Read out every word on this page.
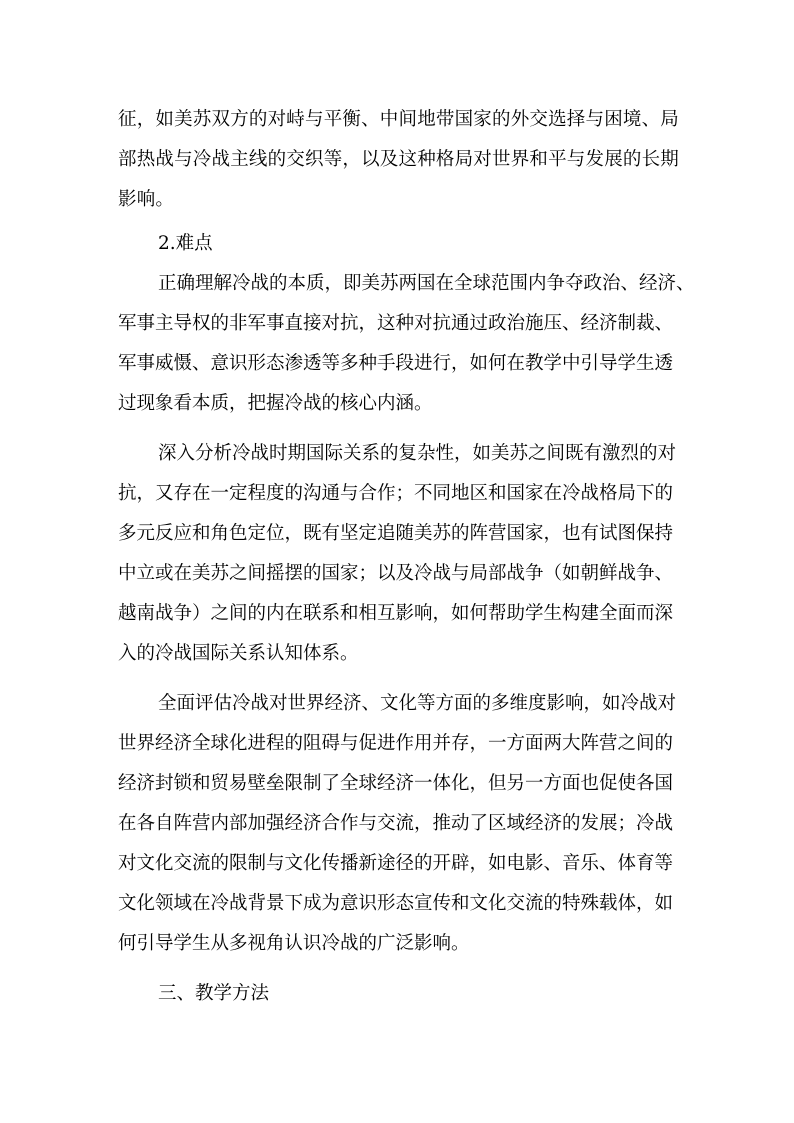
征，如美苏双方的对峙与平衡、中间地带国家的外交选择与困境、局
部热战与冷战主线的交织等，以及这种格局对世界和平与发展的长期
影响。
2.难点
正确理解冷战的本质，即美苏两国在全球范围内争夺政治、经济、
军事主导权的非军事直接对抗，这种对抗通过政治施压、经济制裁、
军事威慑、意识形态渗透等多种手段进行，如何在教学中引导学生透
过现象看本质，把握冷战的核心内涵。
深入分析冷战时期国际关系的复杂性，如美苏之间既有激烈的对
抗，又存在一定程度的沟通与合作；不同地区和国家在冷战格局下的
多元反应和角色定位，既有坚定追随美苏的阵营国家，也有试图保持
中立或在美苏之间摇摆的国家；以及冷战与局部战争（如朝鲜战争、
越南战争）之间的内在联系和相互影响，如何帮助学生构建全面而深
入的冷战国际关系认知体系。
全面评估冷战对世界经济、文化等方面的多维度影响，如冷战对
世界经济全球化进程的阻碍与促进作用并存，一方面两大阵营之间的
经济封锁和贸易壁垒限制了全球经济一体化，但另一方面也促使各国
在各自阵营内部加强经济合作与交流，推动了区域经济的发展；冷战
对文化交流的限制与文化传播新途径的开辟，如电影、音乐、体育等
文化领域在冷战背景下成为意识形态宣传和文化交流的特殊载体，如
何引导学生从多视角认识冷战的广泛影响。
三、教学方法
